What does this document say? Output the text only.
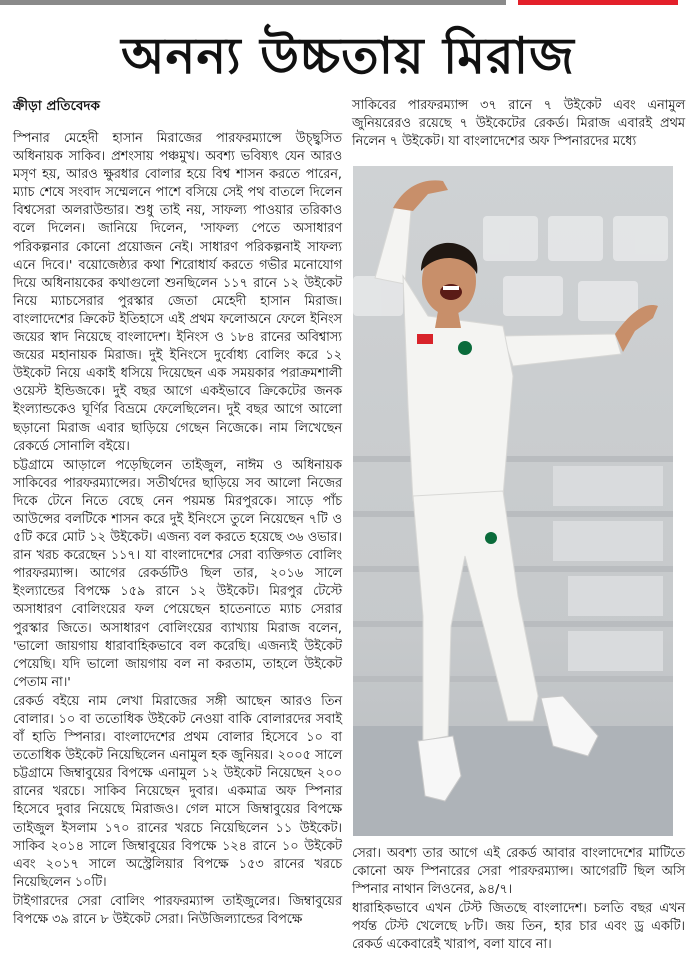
অনন্য উচ্চতায় মিরাজ
ক্রীড়া প্রতিবেদক

স্পিনার মেহেদী হাসান মিরাজের পারফরম্যান্সে উচ্ছ্বসিত অধিনায়ক সাকিব। প্রশংসায় পঞ্চমুখ। অবশ্য ভবিষ্যৎ যেন আরও মসৃণ হয়, আরও ক্ষুরধার বোলার হয়ে বিশ্ব শাসন করতে পারেন, ম্যাচ শেষে সংবাদ সম্মেলনে পাশে বসিয়ে সেই পথ বাতলে দিলেন বিশ্বসেরা অলরাউন্ডার। শুধু তাই নয়, সাফল্য পাওয়ার তরিকাও বলে দিলেন। জানিয়ে দিলেন, 'সাফল্য পেতে অসাধারণ পরিকল্পনার কোনো প্রয়োজন নেই। সাধারণ পরিকল্পনাই সাফল্য এনে দিবে।' বয়োজেষ্ঠ্যর কথা শিরোধার্য করতে গভীর মনোযোগ দিয়ে অধিনায়কের কথাগুলো শুনছিলেন ১১৭ রানে ১২ উইকেট নিয়ে ম্যাচসেরার পুরস্কার জেতা মেহেদী হাসান মিরাজ। বাংলাদেশের ক্রিকেট ইতিহাসে এই প্রথম ফলোঅনে ফেলে ইনিংস জয়ের স্বাদ নিয়েছে বাংলাদেশ। ইনিংস ও ১৮৪ রানের অবিশ্বাস্য জয়ের মহানায়ক মিরাজ। দুই ইনিংসে দুর্বোধ্য বোলিং করে ১২ উইকেট নিয়ে একাই ধসিয়ে দিয়েছেন এক সময়কার পরাক্রমশালী ওয়েস্ট ইন্ডিজকে। দুই বছর আগে একইভাবে ক্রিকেটের জনক ইংল্যান্ডকেও ঘূর্ণির বিভ্রমে ফেলেছিলেন। দুই বছর আগে আলো ছড়ানো মিরাজ এবার ছাড়িয়ে গেছেন নিজেকে। নাম লিখেছেন রেকর্ডে সোনালি বইয়ে।

চট্টগ্রামে আড়ালে পড়েছিলেন তাইজুল, নাঈম ও অধিনায়ক সাকিবের পারফরম্যান্সের। সতীর্থদের ছাড়িয়ে সব আলো নিজের দিকে টেনে নিতে বেছে নেন পয়মন্ত মিরপুরকে। সাড়ে পাঁচ আউন্সের বলটিকে শাসন করে দুই ইনিংসে তুলে নিয়েছেন ৭টি ও ৫টি করে মোট ১২ উইকেট। এজন্য বল করতে হয়েছে ৩৬ ওভার। রান খরচ করেছেন ১১৭। যা বাংলাদেশের সেরা ব্যক্তিগত বোলিং পারফরম্যান্স। আগের রেকর্ডটিও ছিল তার, ২০১৬ সালে ইংল্যান্ডের বিপক্ষে ১৫৯ রানে ১২ উইকেট। মিরপুর টেস্টে অসাধারণ বোলিংয়ের ফল পেয়েছেন হাতেনাতে ম্যাচ সেরার পুরস্কার জিতে। অসাধারণ বোলিংয়ের ব্যাখ্যায় মিরাজ বলেন, 'ভালো জায়গায় ধারাবাহিকভাবে বল করেছি। এজন্যই উইকেট পেয়েছি। যদি ভালো জায়গায় বল না করতাম, তাহলে উইকেট পেতাম না।'

রেকর্ড বইয়ে নাম লেখা মিরাজের সঙ্গী আছেন আরও তিন বোলার। ১০ বা ততোধিক উইকেট নেওয়া বাকি বোলারদের সবাই বাঁ হাতি স্পিনার। বাংলাদেশের প্রথম বোলার হিসেবে ১০ বা ততোধিক উইকেট নিয়েছিলেন এনামুল হক জুনিয়র। ২০০৫ সালে চট্টগ্রামে জিম্বাবুয়ের বিপক্ষে এনামুল ১২ উইকেট নিয়েছেন ২০০ রানের খরচে। সাকিব নিয়েছেন দুবার। একমাত্র অফ স্পিনার হিসেবে দুবার নিয়েছে মিরাজও। গেল মাসে জিম্বাবুয়ের বিপক্ষে তাইজুল ইসলাম ১৭০ রানের খরচে নিয়েছিলেন ১১ উইকেট। সাকিব ২০১৪ সালে জিম্বাবুয়ের বিপক্ষে ১২৪ রানে ১০ উইকেট এবং ২০১৭ সালে অস্ট্রেলিয়ার বিপক্ষে ১৫৩ রানের খরচে নিয়েছিলেন ১০টি।

টাইগারদের সেরা বোলিং পারফরম্যান্স তাইজুলের। জিম্বাবুয়ের বিপক্ষে ৩৯ রানে ৮ উইকেট সেরা। নিউজিল্যান্ডের বিপক্ষে

সাকিবের পারফরম্যান্স ৩৭ রানে ৭ উইকেট এবং এনামুল জুনিয়রেরও রয়েছে ৭ উইকেটের রেকর্ড। মিরাজ এবারই প্রথম নিলেন ৭ উইকেট। যা বাংলাদেশের অফ স্পিনারদের মধ্যে

সেরা। অবশ্য তার আগে এই রেকর্ড আবার বাংলাদেশের মাটিতে কোনো অফ স্পিনারের সেরা পারফরম্যান্স। আগেরটি ছিল অসি স্পিনার নাথান লিওনের, ৯৪/৭।

ধারাহিকভাবে এখন টেস্ট জিতছে বাংলাদেশ। চলতি বছর এখন পর্যন্ত টেস্ট খেলেছে ৮টি। জয় তিন, হার চার এবং ড্র একটি। রেকর্ড একেবারেই খারাপ, বলা যাবে না।
